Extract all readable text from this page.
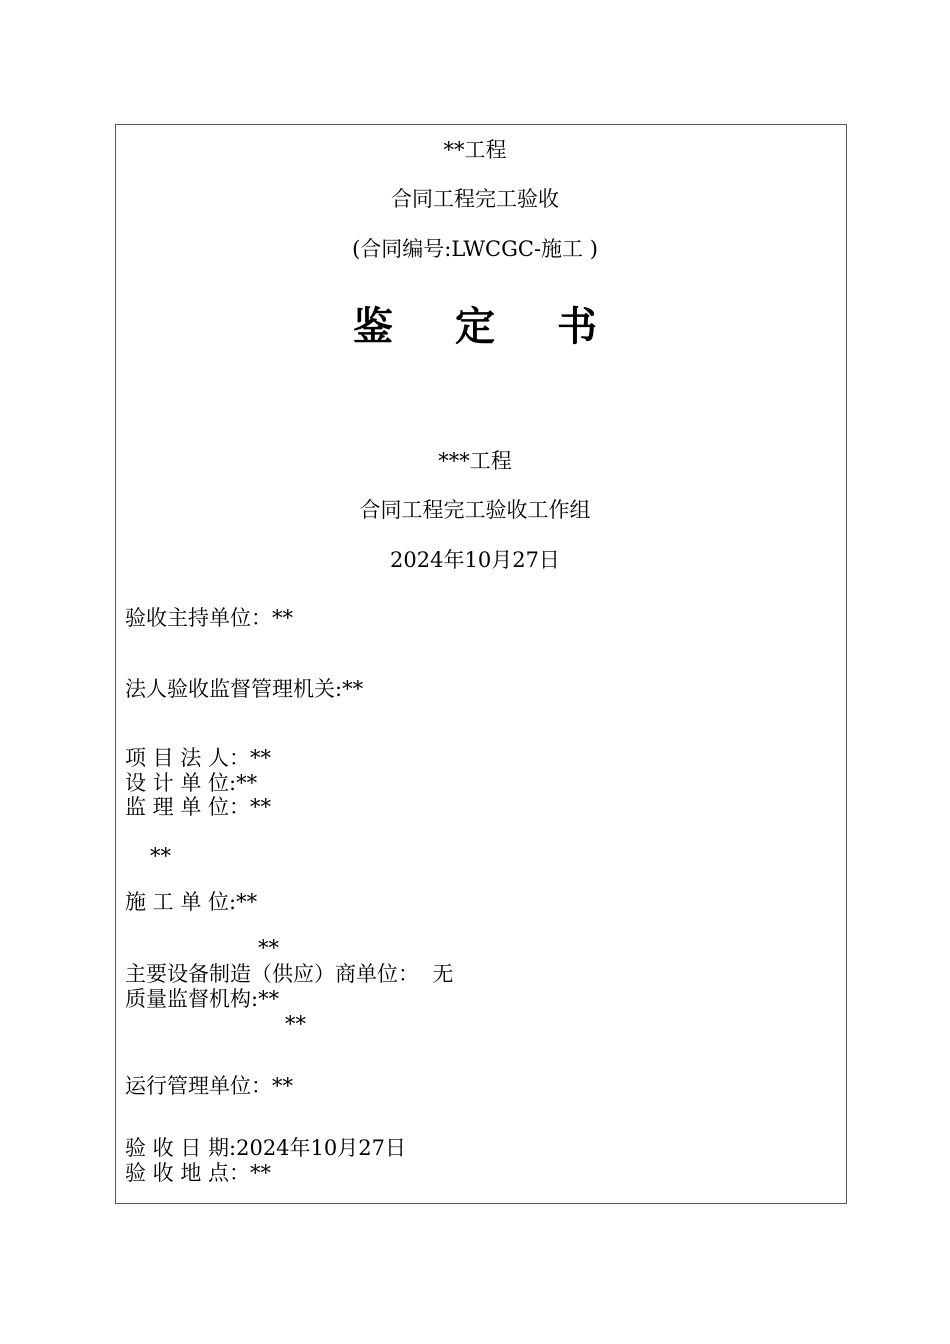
**工程
合同工程完工验收
(合同编号:LWCGC-施工 )
鉴定书
***工程
合同工程完工验收工作组
2024年10月27日
验收主持单位：**
法人验收监督管理机关:**
项 目 法 人：**
设 计 单 位:**
监 理 单 位：**
**
施 工 单 位:**
**
主要设备制造（供应）商单位：  无
质量监督机构:**
**
运行管理单位：**
验 收 日 期:2024年10月27日
验 收 地 点：**
